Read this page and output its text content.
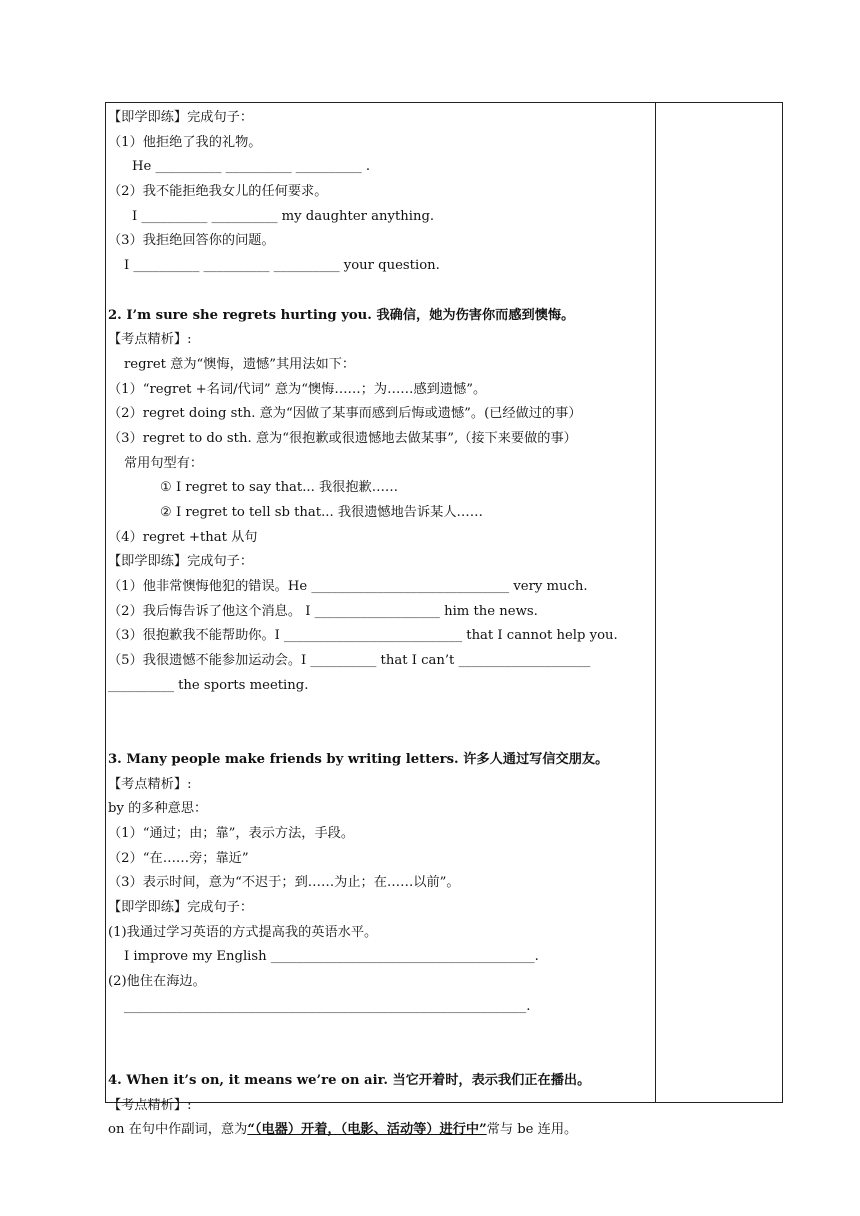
【即学即练】完成句子：
（1）他拒绝了我的礼物。
He __________ __________ __________ .
（2）我不能拒绝我女儿的任何要求。
I __________ __________ my daughter anything.
（3）我拒绝回答你的问题。
I __________ __________ __________ your question.
2. I’m sure she regrets hurting you. 我确信，她为伤害你而感到懊悔。
【考点精析】:
regret 意为“懊悔，遗憾”其用法如下：
（1）“regret +名词/代词” 意为“懊悔……；为……感到遗憾”。
（2）regret doing sth. 意为“因做了某事而感到后悔或遗憾”。(已经做过的事）
（3）regret to do sth. 意为“很抱歉或很遗憾地去做某事”,（接下来要做的事）
常用句型有：
① I regret to say that... 我很抱歉……
② I regret to tell sb that... 我很遗憾地告诉某人……
（4）regret +that 从句
【即学即练】完成句子：
（1）他非常懊悔他犯的错误。He ______________________________ very much.
（2）我后悔告诉了他这个消息。 I ___________________ him the news.
（3）很抱歉我不能帮助你。I ___________________________ that I cannot help you.
（5）我很遗憾不能参加运动会。I __________ that I can’t ____________________
__________ the sports meeting.
3. Many people make friends by writing letters. 许多人通过写信交朋友。
【考点精析】:
by 的多种意思：
（1）“通过；由；靠”，表示方法，手段。
（2）“在……旁；靠近”
（3）表示时间，意为“不迟于；到……为止；在……以前”。
【即学即练】完成句子：
(1)我通过学习英语的方式提高我的英语水平。
I improve my English ________________________________________.
(2)他住在海边。
_____________________________________________________________.
4. When it’s on, it means we’re on air. 当它开着时，表示我们正在播出。
【考点精析】:
on 在句中作副词，意为“（电器）开着，（电影、活动等）进行中”常与 be 连用。
